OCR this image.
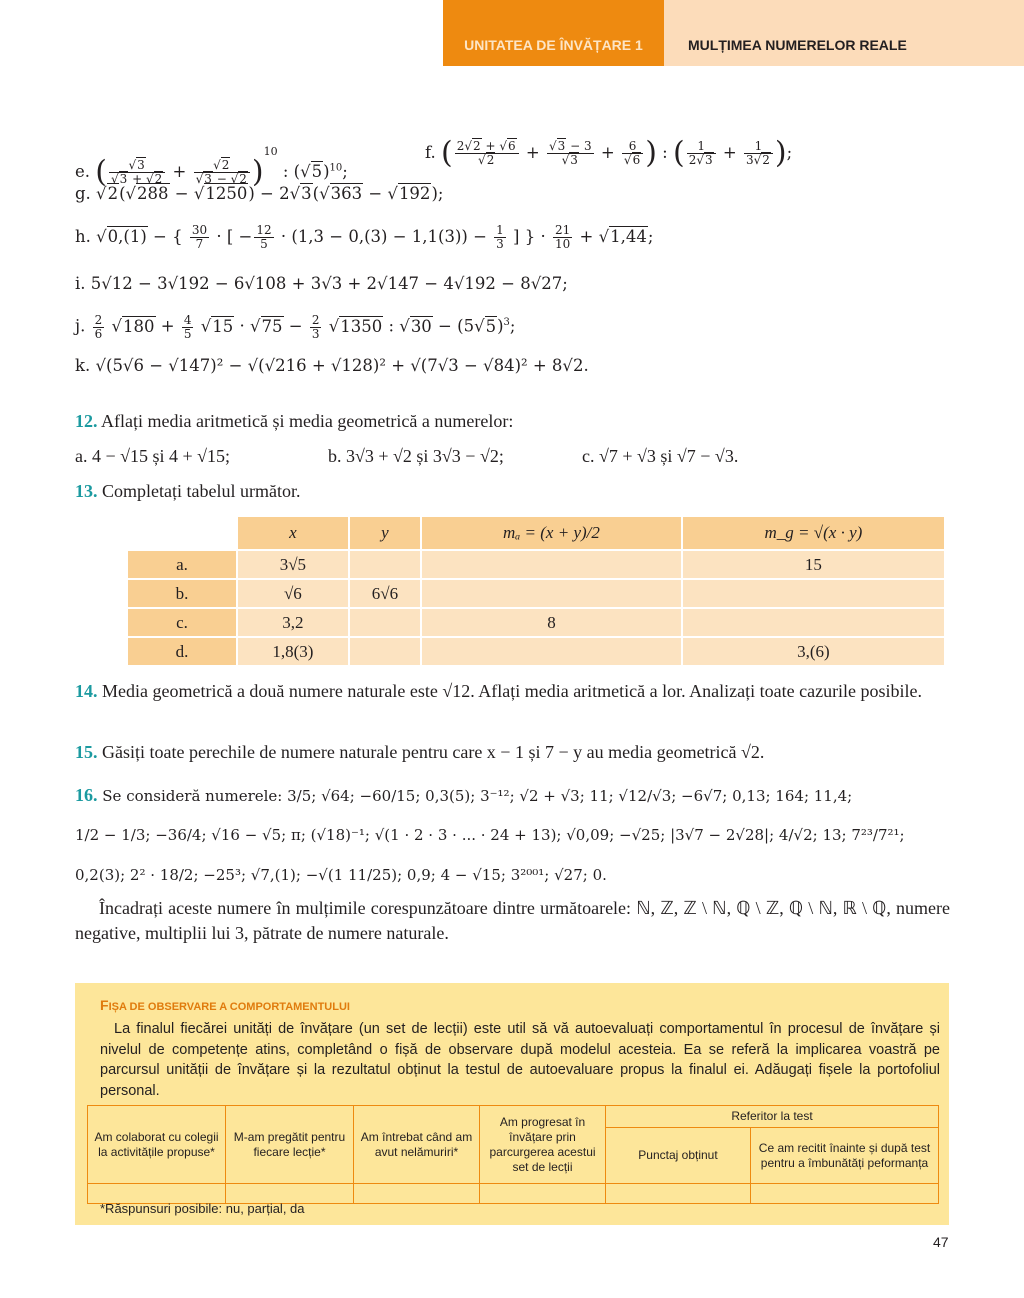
UNITATEA DE ÎNVĂȚARE 1	MULȚIMEA NUMERELOR REALE
e. ( $\frac{√3}{√3 + √2} + \frac{√2}{√3 - √2} )^{10}$ : $(√5)^{10}$;
f. ( $\frac{2√2 + √6}{√2} + \frac{√3 - 3}{√3} + \frac{6}{√6}$ ) : ( $\frac{1}{2√3} + \frac{1}{3√2}$ );
g. √2(√288 − √1250) − 2√3(√363 − √192);
h. √0,(1) − { $\frac{30}{7}$ · [ − $\frac{12}{5} \cdot (1,3 - 0,(3) - 1,1(3)) - \frac{1}{3}$ ] } · $\frac{21}{10} + √1,44$;
i. 5√12 − 3√192 − 6√108 + 3√3 + 2√147 − 4√192 − 8√27;
j. $\frac{2}{6} √180 + \frac{4}{5} √15 \cdot √75 - \frac{2}{3} √1350$ : $√30 - (5√5)^3$;
k. √(5√6 − √147)² − √(√216 + √128)² + √(7√3 − √84)² + 8√2.
12. Aflați media aritmetică și media geometrică a numerelor:
a. 4 − √15 și 4 + √15;	b. 3√3 + √2 și 3√3 − √2;	c. √7 + √3 și √7 − √3.
13. Completați tabelul următor.
	x	y	mₐ = (x + y)/2	m_g = √(x · y)
a.	3√5			15
b.	√6	6√6		
c.	3,2		8	
d.	1,8(3)			3,(6)
14. Media geometrică a două numere naturale este √12. Aflați media aritmetică a lor. Analizați toate cazurile posibile.
15. Găsiți toate perechile de numere naturale pentru care x − 1 și 7 − y au media geometrică √2.
16. Se consideră numerele: 3/5; √64; −60/15; 0,3(5); 3⁻¹²; √2 + √3; 11; √12/√3; −6√7; 0,13; 164; 11,4;
1/2 − 1/3; −36/4; √16 − √5; π; (√18)⁻¹; √(1 · 2 · 3 · ... · 24 + 13); √0,09; −√25; |3√7 − 2√28|; 4/√2; 13; 7²³/7²¹;
0,2(3); 2² · 18/2; −25³; √7,(1); −√(1 11/25); 0,9; 4 − √15; 3²⁰⁰¹; √27; 0.
Încadrați aceste numere în mulțimile corespunzătoare dintre următoarele: ℕ, ℤ, ℤ \ ℕ, ℚ \ ℤ, ℚ \ ℕ, ℝ \ ℚ, numere negative, multiplii lui 3, pătrate de numere naturale.
FIȘA DE OBSERVARE A COMPORTAMENTULUI
La finalul fiecărei unități de învățare (un set de lecții) este util să vă autoevaluați comportamentul în procesul de învățare și nivelul de competențe atins, completând o fișă de observare după modelul acesteia. Ea se referă la implicarea voastră pe parcursul unității de învățare și la rezultatul obținut la testul de autoevaluare propus la finalul ei. Adăugați fișele la portofoliul personal.
Am colaborat cu colegii la activitățile propuse*	M-am pregătit pentru fiecare lecție*	Am întrebat când am avut nelămuriri*	Am progresat în învățare prin parcurgerea acestui set de lecții	Referitor la test	
				Punctaj obținut	Ce am recitit înainte și după test pentru a îmbunătăți peformanța

*Răspunsuri posibile: nu, parțial, da
47
